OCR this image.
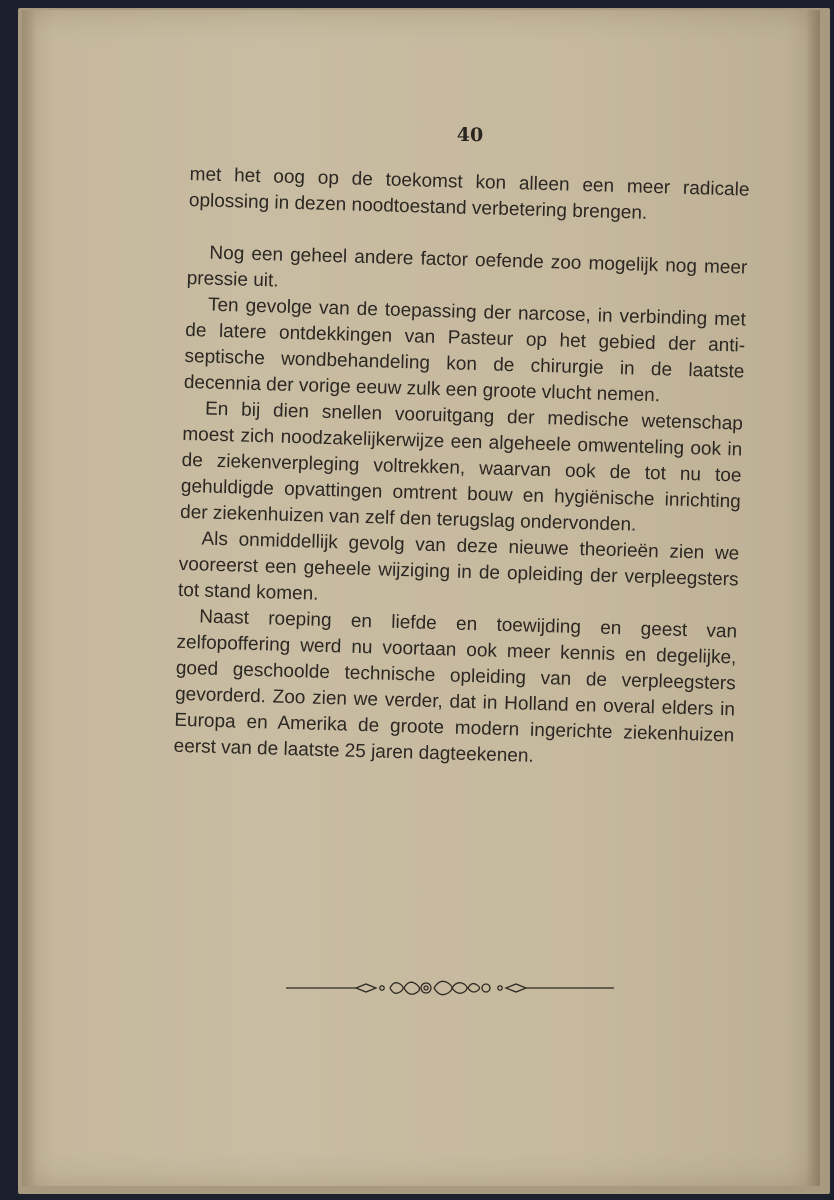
40

met het oog op de toekomst kon alleen een meer radicale oplossing in dezen noodtoestand verbetering brengen.

Nog een geheel andere factor oefende zoo mogelijk nog meer pressie uit.

Ten gevolge van de toepassing der narcose, in verbinding met de latere ontdekkingen van Pasteur op het gebied der anti-septische wondbehandeling kon de chirurgie in de laatste decennia der vorige eeuw zulk een groote vlucht nemen.

En bij dien snellen vooruitgang der medische wetenschap moest zich noodzakelijkerwijze een algeheele omwenteling ook in de ziekenverpleging voltrekken, waarvan ook de tot nu toe gehuldigde opvattingen omtrent bouw en hygiënische inrichting der ziekenhuizen van zelf den terugslag ondervonden.

Als onmiddellijk gevolg van deze nieuwe theorieën zien we vooreerst een geheele wijziging in de opleiding der verpleegsters tot stand komen.

Naast roeping en liefde en toewijding en geest van zelfopoffering werd nu voortaan ook meer kennis en degelijke, goed geschoolde technische opleiding van de verpleegsters gevorderd. Zoo zien we verder, dat in Holland en overal elders in Europa en Amerika de groote modern ingerichte ziekenhuizen eerst van de laatste 25 jaren dagteekenen.
